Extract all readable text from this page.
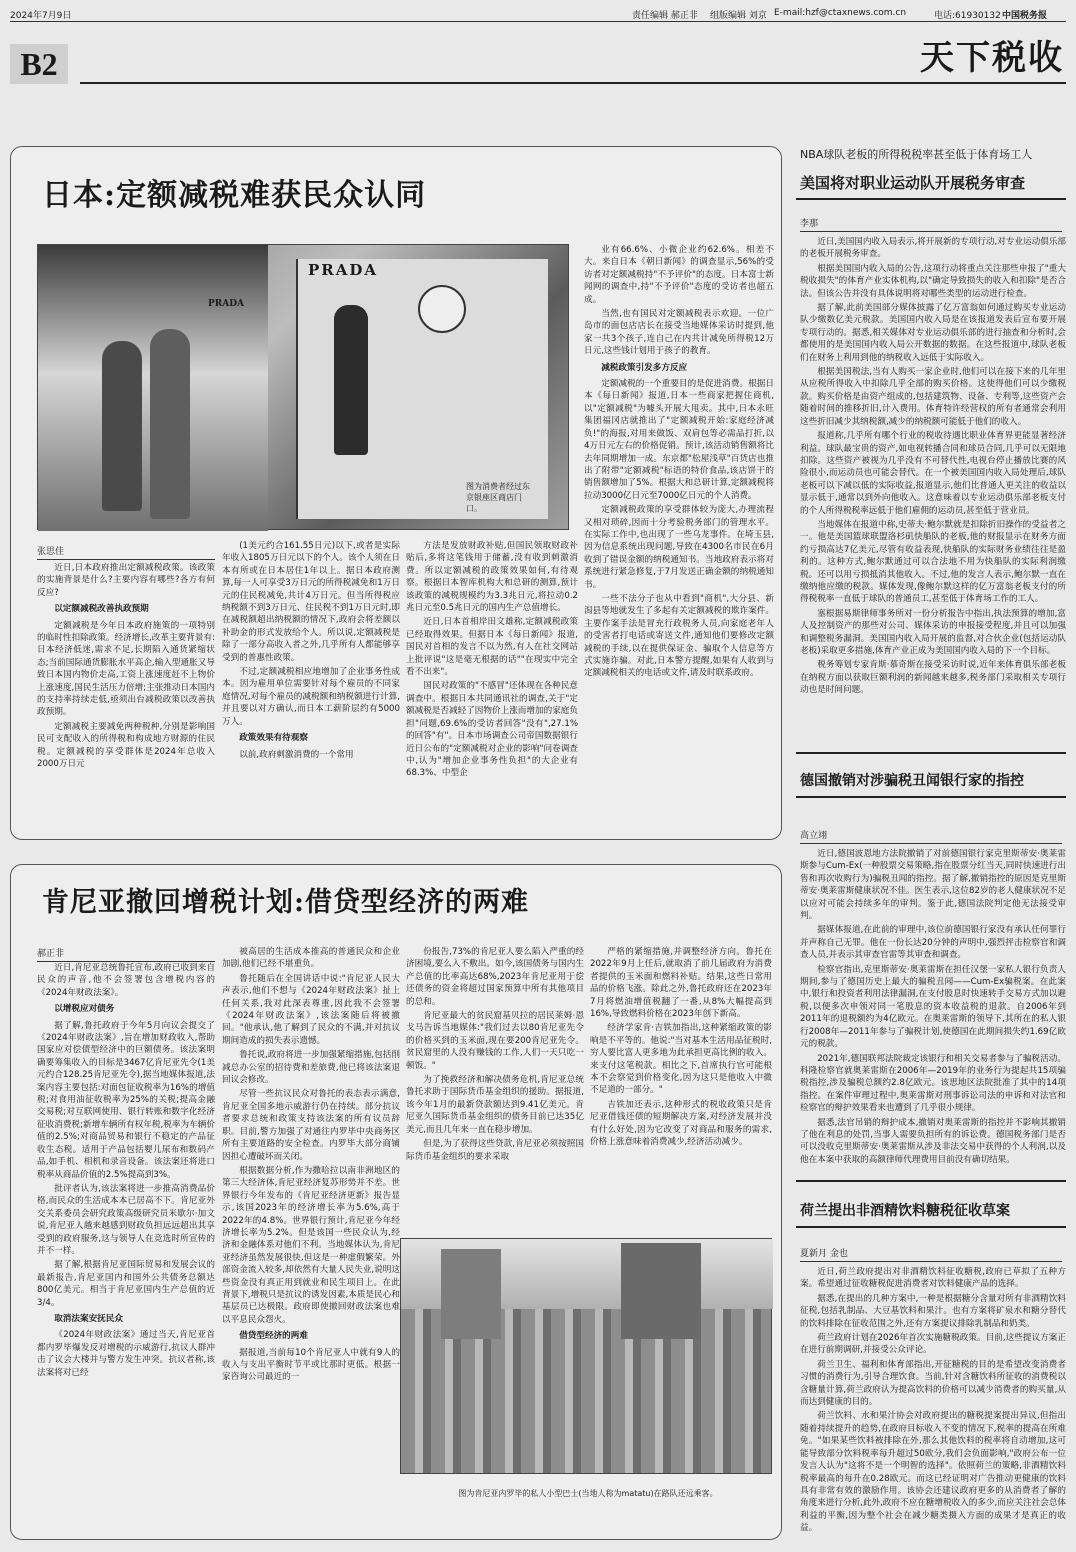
2024年7月9日	责任编辑 郝正非 组版编辑 刘京 E-mail:hzf@ctaxnews.com.cn	电话:61930132 中国税务报
B2	天下税收
日本:定额减税难获民众认同
PRADA
PRADA
图为消费者经过东京银座区商店门口。
张思佳

近日,日本政府推出定额减税政策。该政策的实施背景是什么?主要内容有哪些?各方有何反应?

以定额减税改善执政预期

定额减税是今年日本政府施策的一项特别的临时性扣除政策。经济增长,改革主要背景有:日本经济低迷,需求不足,长期陷入通货紧缩状态;当前国际通货膨胀水平高企,输入型通胀又导致日本国内物价走高,工资上涨速度赶不上物价上涨速度,国民生活压力倍增;主张推动日本国内的支持率持续走低,亟须出台减税政策以改善执政预期。

定额减税主要减免两种税种,分别是影响国民可支配收入的所得税和构成地方财源的住民税。定额减税的享受群体是2024年总收入2000万日元

(1美元约合161.55日元)以下,或者是实际年收入1805万日元以下的个人。该个人须在日本有所或在日本居住1年以上。据日本政府测算,每一人可享受3万日元的所得税减免和1万日元的住民税减免,共计4万日元。但当所得税应纳税额不到3万日元、住民税不到1万日元时,即在减税额超出纳税额的情况下,政府会将差额以补助金的形式发放给个人。所以说,定额减税是除了一部分高收入者之外,几乎所有人都能够享受到的普惠性政策。

不过,定额减税相应地增加了企业事务性成本。因为雇用单位需要针对每个雇员的不同家庭情况,对每个雇员的减税额和纳税额进行计算,并且要以对方确认,而日本工薪阶层约有5000万人。

政策效果有待观察

以前,政府刺激消费的一个常用

方法是发放财政补贴,但国民领取财政补贴后,多将这笔钱用于储蓄,没有收到刺激消费。所以定额减税的政策效果如何,有待观察。根据日本智库机构大和总研的测算,预计该政策的减税规模约为3.3兆日元,将拉动0.2兆日元至0.5兆日元的国内生产总值增长。

近日,日本首相岸田文雄称,定额减税政策已经取得效果。但据日本《每日新闻》报道,国民对首相的发言不以为然,有人在社交网站上批评说"这是毫无根据的话""在现实中完全看不出来"。

国民对政策的"不感冒"还体现在各种民意调查中。根据日本共同通讯社的调查,关于"定额减税是否减轻了因物价上涨而增加的家庭负担"问题,69.6%的受访者回答"没有",27.1%的回答"有"。日本市场调查公司帝国数据银行近日公布的"定额减税对企业的影响"问卷调查中,认为"增加企业事务性负担"的大企业有68.3%、中型企

业有66.6%、小微企业约62.6%。相差不大。来自日本《朝日新闻》的调查显示,56%的受访者对定额减税持"不予评价"的态度。日本富士新闻网的调查中,持"不予评价"态度的受访者也超五成。

当然,也有国民对定额减税表示欢迎。一位广岛市的面包店店长在接受当地媒体采访时提到,他家一共3个孩子,连自己在内共计减免所得税12万日元,这些钱计划用于孩子的教育。

减税政策引发多方反应

定额减税的一个重要目的是促进消费。根据日本《每日新闻》报道,日本一些商家把握住商机,以"定额减税"为噱头开展大甩卖。其中,日本永旺集团福冈店就推出了"定额减税开始:家庭经济减负!"的海报,对用来做饭、双肩包等必需品打折,以4万日元左右的价格促销。预计,该活动销售额将比去年同期增加一成。东京都"松屋浅草"百货店也推出了附带"定额减税"标语的特价食品,该店饼干的销售额增加了5%。根据大和总研计算,定额减税将拉动3000亿日元至7000亿日元的个人消费。

定额减税政策的享受群体较为庞大,办理流程又相对琐碎,因而十分考验税务部门的管理水平。在实际工作中,也出现了一些乌龙事件。在埼玉县,因为信息系统出现问题,导致在4300名市民在6月收到了错误金额的纳税通知书。当地政府表示将对系统进行紧急修复,于7月发送正确金额的纳税通知书。

一些不法分子也从中看到"商机",大分县、新潟县等地就发生了多起有关定额减税的欺诈案件。主要作案手法是冒充行政税务人员,向家庭老年人的受害者打电话或寄送文件,通知他们要修改定额减税的手续,以在提供保证金、骗取个人信息等方式实施诈骗。对此,日本警方提醒,如果有人收到与定额减税相关的电话或文件,请及时联系政府。

肯尼亚撤回增税计划:借贷型经济的两难
郝正非

近日,肯尼亚总统鲁托宣布,政府已收到来自民众的声音,他不会签署包含增税内容的《2024年财政法案》。

以增税应对债务

据了解,鲁托政府于今年5月向议会提交了《2024年财政法案》,旨在增加财政收入,帮助国家应对偿债型经济中的巨额债务。该法案明确要筹集收入的目标是3467亿肯尼亚先令(1美元约合128.25肯尼亚先令),据当地媒体报道,法案内容主要包括:对面包征收税率为16%的增值税;对食用油征收税率为25%的关税;提高金融交易税;对互联网使用、银行转账和数字化经济征收消费税;新增车辆所有权年税,税率为车辆价值的2.5%;对商品贸易和银行不稳定的产品征收生态税。适用于产品包括婴儿尿布和数码产品,如手机、相机和录音设备。该法案还将进口税率从商品价值的2.5%提高到3%。

批评者认为,该法案将进一步推高消费品价格,而民众的生活成本本已居高不下。肯尼亚外交关系委员会研究政策高级研究员米歇尔·加文说,肯尼亚人越来越感到财政负担远远超出其享受到的政府服务,这与领导人在竞选时所宣传的并不一样。

据了解,根据肯尼亚国际贸易和发展会议的最新报告,肯尼亚国内和国外公共债务总额达800亿美元。相当于肯尼亚国内生产总值的近3/4。

取消法案安抚民众

《2024年财政法案》通过当天,肯尼亚首都内罗毕爆发反对增税的示威游行,抗议人群冲击了议会大楼并与警方发生冲突。抗议者称,该法案将对已经

被高居的生活成本推高的普通民众和企业加剧,他们已经不堪重负。

鲁托随后在全国讲话中说:"肯尼亚人民大声表示,他们不想与《2024年财政法案》扯上任何关系,我对此深表尊重,因此我不会签署《2024年财政法案》,该法案随后将被撤回。"他承认,他了解到了民众的不满,并对抗议期间造成的损失表示遗憾。

鲁托说,政府将进一步加强紧缩措施,包括削减总办公室的招待费和差旅费,他已将该法案退回议会修改。

尽管一些抗议民众对鲁托的表态表示满意,肯尼亚全国多地示威游行仍在持续。部分抗议者要求总统和政策支持该法案的所有议员辞职。目前,警方加强了对通往内罗毕中央商务区所有主要道路的安全检查。内罗毕大部分商铺因担心遭破坏而关闭。

根据数据分析,作为撒哈拉以南非洲地区的第三大经济体,肯尼亚经济复苏形势并不差。世界银行今年发布的《肯尼亚经济更新》报告显示,该国2023年的经济增长率为5.6%,高于2022年的4.8%。世界银行预计,肯尼亚今年经济增长率为5.2%。但是该国一些民众认为,经济和金融体系对他们不利。当地媒体认为,肯尼亚经济虽然发展很快,但这是一种虚假繁荣。外部资金流入较多,却依然有大量人民失业,说明这些资金没有真正用到就业和民生项目上。在此背景下,增税只是抗议的诱发因素,本质是民心和基层员已达极限。政府即使撤回财政法案也难以平息民众怨火。

借贷型经济的两难

据报道,当前每10个肯尼亚人中就有9人的收入与支出平衡时节平或比那时更低。根据一家咨询公司最近的一

份报告,73%的肯尼亚人要么陷入严重的经济困境,要么入不敷出。如今,该国债务与国内生产总值的比率高达68%,2023年肯尼亚用于偿还债务的资金将超过国家预算中所有其他项目的总和。

肯尼亚最大的贫民窟基贝拉的居民莱姆·恩戈马告诉当地媒体:"我们过去以80肯尼亚先令的价格买到的玉米面,现在要200肯尼亚先令。贫民窟里的人没有赚钱的工作,人们一天只吃一顿饭。"

为了挽救经济和解决债务危机,肯尼亚总统鲁托求助于国际货币基金组织的援助。据报道,该今年1月的最新贷款额达到9.41亿美元。肯尼亚久国际货币基金组织的债务目前已达35亿美元,而且几年来一直在稳步增加。

但是,为了获得这些贷款,肯尼亚必须按照国际货币基金组织的要求采取

严格的紧缩措施,并调整经济方向。鲁托在2022年9月上任后,就取消了前几届政府为消费者提供的玉米面和燃料补贴。结果,这些日常用品的价格飞涨。除此之外,鲁托政府还在2023年7月将燃油增值税翻了一番,从8%大幅提高到16%,导致燃料价格在2023年创下新高。

经济学家肯·吉铁加指出,这种紧缩政策的影响是不平等的。他说:"当对基本生活用品征税时,穷人要比富人更多地为此承担更高比例的收入。来支付这笔税款。相比之下,首席执行官可能根本不会察觉到价格变化,因为这只是他收入中微不足道的一部分。"

吉铁加还表示,这种形式的税收政策只是肯尼亚借钱还债的短期解决方案,对经济发展并没有什么好处,因为它改变了对商品和服务的需求,价格上涨意味着消费减少,经济活动减少。

图为肯尼亚内罗毕的私人小型巴士(当地人称为matatu)在路队还远乘客。
NBA球队老板的所得税税率甚至低于体育场工人
美国将对职业运动队开展税务审查
李那

近日,美国国内收入局表示,将开展新的专项行动,对专业运动俱乐部的老板开展税务审查。

根据美国国内收入局的公告,这项行动将重点关注那些申报了"重大税收损失"的体育产业实体机构,以"确定导致损失的收入和扣除"是否合法。但该公告并没有具体说明将对哪些类型的运动进行检查。

据了解,此前美国部分媒体披露了亿万富翁如何通过购买专业运动队少缴数亿美元税款。美国国内收入局是在该报道发表后宣布要开展专项行动的。据悉,相关媒体对专业运动俱乐部的进行抽查和分析时,会都使用的是美国国内收入局公开数据的数据。在这些报道中,球队老板们在财务上利用到他的纳税收入远低于实际收入。

根据美国税法,当有人购买一家企业时,他们可以在接下来的几年里从应税所得收入中扣除几乎全部的购买价格。这使得他们可以少缴税款。购买价格是由资产组成的,包括建筑物、设备、专利等,这些资产会随着时间的推移折旧,计入费用。体育特许经营权的所有者通常会利用这些折旧减少其纳税额,减少的纳税额可能低于他们的收入。

报道称,几乎所有哪个行业的税收待遇比职业体育界更能显著经济利益。球队最宝贵的资产,如电视转播合同和球员合同,几乎可以无限地扣除。这些资产被视为几乎没有不可替代性,电视台停止播放比赛的风险很小,而运动员也可能会替代。在一个被美国国内收入局处理后,球队老板可以下减以低的实际收益,报道显示,他们比普通人更关注的收益以显示低于,通常以到外向他收入。这意味着以专业运动俱乐部老板支付的个人所得税税率远低于他们雇佣的运动员,甚至低于营业员。

当地媒体在报道中称,史蒂夫·鲍尔默就是扣除折旧操作的受益者之一。他是美国篮球联盟洛杉矶快船队的老板,他的财报显示在财务方面约亏损高达7亿美元,尽管有收益表现,快船队的实际财务业绩往往是盈利的。这种方式,鲍尔默通过可以合法地不用为快船队的实际利润缴税。还可以用亏损抵消其他收入。不过,他的发言人表示,鲍尔默一直在缴纳他应缴的税款。媒体发现,像鲍尔默这样的亿万富翁老板支付的所得税税率一直低于球队的普通员工,甚至低于体育场工作的工人。

塞根据易斯律师事务所对一份分析报告中指出,执法预算的增加,富人及控制资产的那些对公司、媒体采访的申报接受程度,并且可以加强和调整税务漏洞。美国国内收入局开展的监督,对合伙企业(包括运动队老板)采取更多措施,体育产业正成为美国国内收入局的下一个目标。

税务筹划专家肯斯·慕奇斯在接受采访时说,近年来体育俱乐部老板在纳税方面以获取巨额利润的新闻越来越多,税务部门采取相关专项行动也是时间问题。

德国撤销对涉骗税丑闻银行家的指控
高立翊

近日,德国波恩地方法院撤销了对前德国银行家克里斯蒂安·奥莱雷斯参与Cum-Ex(一种股票交易策略,指在股票分红当天,同时快速进行出售和再次收购行为)骗税丑闻的指控。据了解,撤销指控的原因是克里斯蒂安·奥莱雷斯健康状况不佳。医生表示,这位82岁的老人健康状况不足以应对可能会持续多年的审判。鉴于此,德国法院判定他无法接受审判。

据媒体报道,在此前的审理中,该位前德国银行家没有承认任何罪行并声称自己无罪。他在一份长达20分钟的声明中,强烈抨击检察官和调查人员,并表示其审查官雷等其审查和调查。

检察官指出,克里斯蒂安·奥莱雷斯在担任汉堡一家私人银行负责人期间,参与了德国历史上最大的骗税丑闻——Cum-Ex骗税案。在此案中,银行和投资者利用法律漏洞,在支付股息时快速转手交易方式加以避税,以便多次申领对同一笔股息的资本收益税的退款。自2006年到2011年的退税额约为4亿欧元。在奥莱雷斯的领导下,其所在的私人银行2008年—2011年参与了骗税计划,使德国在此期间损失约1.69亿欧元的税款。

2021年,德国联邦法院裁定该银行和相关交易者参与了骗税活动。科隆检察官就奥莱雷斯在2006年—2019年的业务行为提起共15项骗税指控,涉及骗税总额约2.8亿欧元。该思地区法院批准了其中的14项指控。在案件审理过程中,奥莱雷斯对刑事诉讼司法的申诉和对法官和检察官的辩护效果看来也遭到了几乎很小规律。

据悉,法官吊销的辩护成本,撤销对奥莱雷斯的指控并不影响其撤销了他在利息的处罚,当事人需要负担所有的诉讼费。德国税务部门是否可以没收克里斯蒂安·奥莱雷斯从涉及非法交易中获得的个人利润,以及他在本案中获取的高额律师代理费用目前没有确切结果。

荷兰提出非酒精饮料糖税征收草案
夏新月 金也

近日,荷兰政府提出对非酒精饮料征收糖税,政府已草拟了五种方案。希望通过征收糖税促进消费者对饮料健康产品的选择。

据悉,在提出的几种方案中,一种是根据糖分含量对所有非酒精饮料征税,包括乳制品、大豆基饮料和果汁。也有方案将矿泉水和糖分替代的饮料排除在征收范围之外,还有方案提议排除乳制品和奶类。

荷兰政府计划在2026年首次实施糖税政策。目前,这些提议方案正在进行前期调研,并接受公众评论。

荷兰卫生、福利和体育部指出,开征糖税的目的是希望改变消费者习惯的消费行为,引导合理饮食。当前,针对含糖饮料所征收的消费税以含糖量计算,荷兰政府认为提高饮料的价格可以减少消费者的购买量,从而达到健康的目的。

荷兰饮料、水和果汁协会对政府提出的糖税提案提出异议,但指出随着持续提升的趋势,在政府目标收入不变的情况下,税率的提高在所难免。"如果某些饮料被排除在外,那么其他饮料的税率将自动增加,这可能导致部分饮料税率每升超过50欧分,我们会负面影响,"政府公布一位发言人认为"这将不是一个明智的选择"。依照荷兰的策略,非酒精饮料税率最高的每升在0.28欧元。而这已经证明对广告推动更健康的饮料具有非常有效的激励作用。该协会还建议政府更多的从消费者了解的角度来进行分析,此外,政府不应在糖增税收入的多少,而应关注社会总体利益的平衡,因为整个社会在减少糖类摄入方面的成果才是真正的收益。
